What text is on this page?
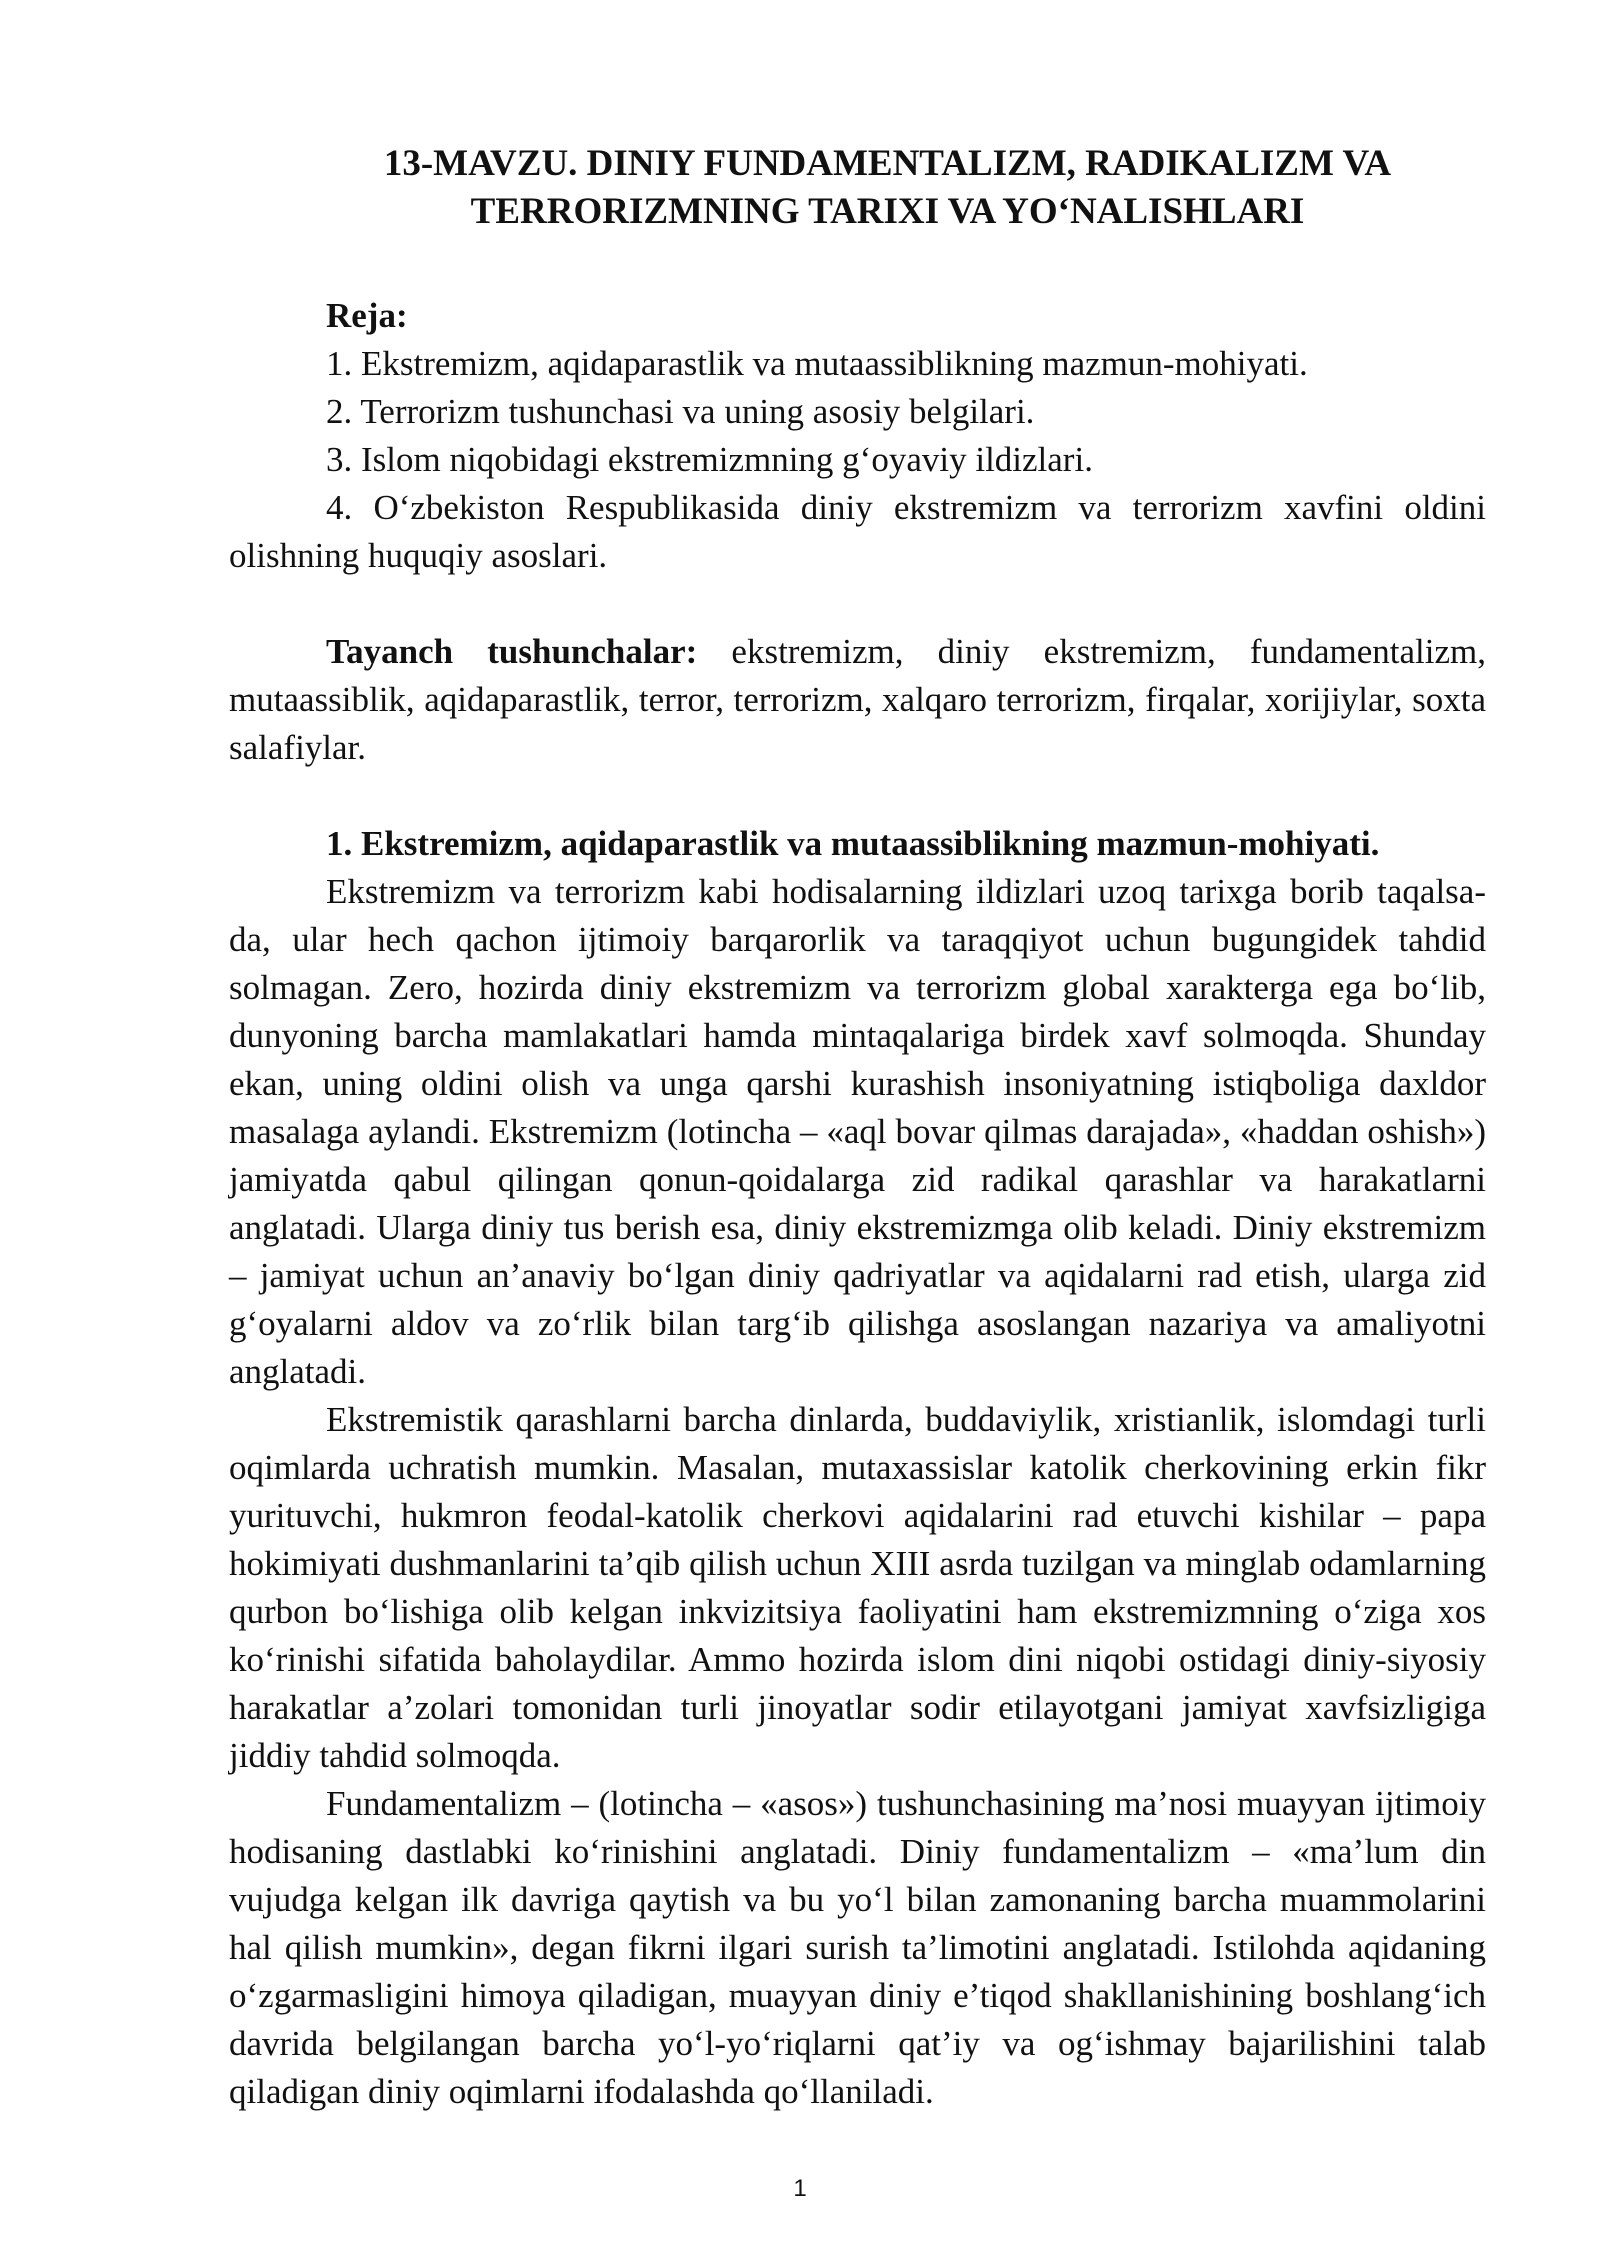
13-MAVZU. DINIY FUNDAMENTALIZM, RADIKALIZM VA
TERRORIZMNING TARIXI VA YO‘NALISHLARI

Reja:

1. Ekstremizm, aqidaparastlik va mutaassiblikning mazmun-mohiyati.
2. Terrorizm tushunchasi va uning asosiy belgilari.
3. Islom niqobidagi ekstremizmning g‘oyaviy ildizlari.
4. O‘zbekiston Respublikasida diniy ekstremizm va terrorizm xavfini oldini olishning huquqiy asoslari.

Tayanch tushunchalar: ekstremizm, diniy ekstremizm, fundamentalizm, mutaassiblik, aqidaparastlik, terror, terrorizm, xalqaro terrorizm, firqalar, xorijiylar, soxta salafiylar.

1. Ekstremizm, aqidaparastlik va mutaassiblikning mazmun-mohiyati.

Ekstremizm va terrorizm kabi hodisalarning ildizlari uzoq tarixga borib taqalsa-da, ular hech qachon ijtimoiy barqarorlik va taraqqiyot uchun bugungidek tahdid solmagan. Zero, hozirda diniy ekstremizm va terrorizm global xarakterga ega bo‘lib, dunyoning barcha mamlakatlari hamda mintaqalariga birdek xavf solmoqda. Shunday ekan, uning oldini olish va unga qarshi kurashish insoniyatning istiqboliga daxldor masalaga aylandi. Ekstremizm (lotincha – «aql bovar qilmas darajada», «haddan oshish») jamiyatda qabul qilingan qonun-qoidalarga zid radikal qarashlar va harakatlarni anglatadi. Ularga diniy tus berish esa, diniy ekstremizmga olib keladi. Diniy ekstremizm – jamiyat uchun an’anaviy bo‘lgan diniy qadriyatlar va aqidalarni rad etish, ularga zid g‘oyalarni aldov va zo‘rlik bilan targ‘ib qilishga asoslangan nazariya va amaliyotni anglatadi.

Ekstremistik qarashlarni barcha dinlarda, buddaviylik, xristianlik, islomdagi turli oqimlarda uchratish mumkin. Masalan, mutaxassislar katolik cherkovining erkin fikr yurituvchi, hukmron feodal-katolik cherkovi aqidalarini rad etuvchi kishilar – papa hokimiyati dushmanlarini ta’qib qilish uchun XIII asrda tuzilgan va minglab odamlarning qurbon bo‘lishiga olib kelgan inkvizitsiya faoliyatini ham ekstremizmning o‘ziga xos ko‘rinishi sifatida baholaydilar. Ammo hozirda islom dini niqobi ostidagi diniy-siyosiy harakatlar a’zolari tomonidan turli jinoyatlar sodir etilayotgani jamiyat xavfsizligiga jiddiy tahdid solmoqda.

Fundamentalizm – (lotincha – «asos») tushunchasining ma’nosi muayyan ijtimoiy hodisaning dastlabki ko‘rinishini anglatadi. Diniy fundamentalizm – «ma’lum din vujudga kelgan ilk davriga qaytish va bu yo‘l bilan zamonaning barcha muammolarini hal qilish mumkin», degan fikrni ilgari surish ta’limotini anglatadi. Istilohda aqidaning o‘zgarmasligini himoya qiladigan, muayyan diniy e’tiqod shakllanishining boshlang‘ich davrida belgilangan barcha yo‘l-yo‘riqlarni qat’iy va og‘ishmay bajarilishini talab qiladigan diniy oqimlarni ifodalashda qo‘llaniladi.

1
